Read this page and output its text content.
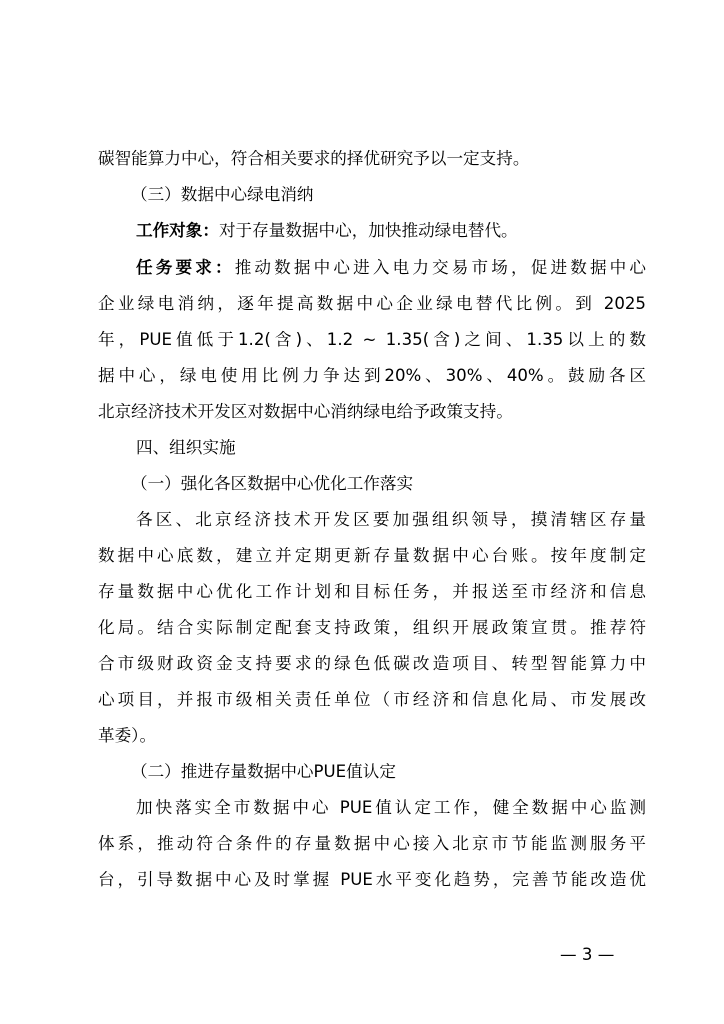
碳智能算力中心，符合相关要求的择优研究予以一定支持。

（三）数据中心绿电消纳

工作对象：对于存量数据中心，加快推动绿电替代。

任务要求：推动数据中心进入电力交易市场，促进数据中心

企业绿电消纳，逐年提高数据中心企业绿电替代比例。到 2025

年，PUE值低于1.2(含)、1.2 ~ 1.35(含)之间、1.35以上的数

据中心，绿电使用比例力争达到20%、30%、40%。鼓励各区

北京经济技术开发区对数据中心消纳绿电给予政策支持。

四、组织实施

（一）强化各区数据中心优化工作落实

各区、北京经济技术开发区要加强组织领导，摸清辖区存量

数据中心底数，建立并定期更新存量数据中心台账。按年度制定

存量数据中心优化工作计划和目标任务，并报送至市经济和信息

化局。结合实际制定配套支持政策，组织开展政策宣贯。推荐符

合市级财政资金支持要求的绿色低碳改造项目、转型智能算力中

心项目，并报市级相关责任单位（市经济和信息化局、市发展改

革委）。

（二）推进存量数据中心PUE值认定

加快落实全市数据中心 PUE值认定工作，健全数据中心监测

体系，推动符合条件的存量数据中心接入北京市节能监测服务平

台，引导数据中心及时掌握 PUE水平变化趋势，完善节能改造优

— 3 —
